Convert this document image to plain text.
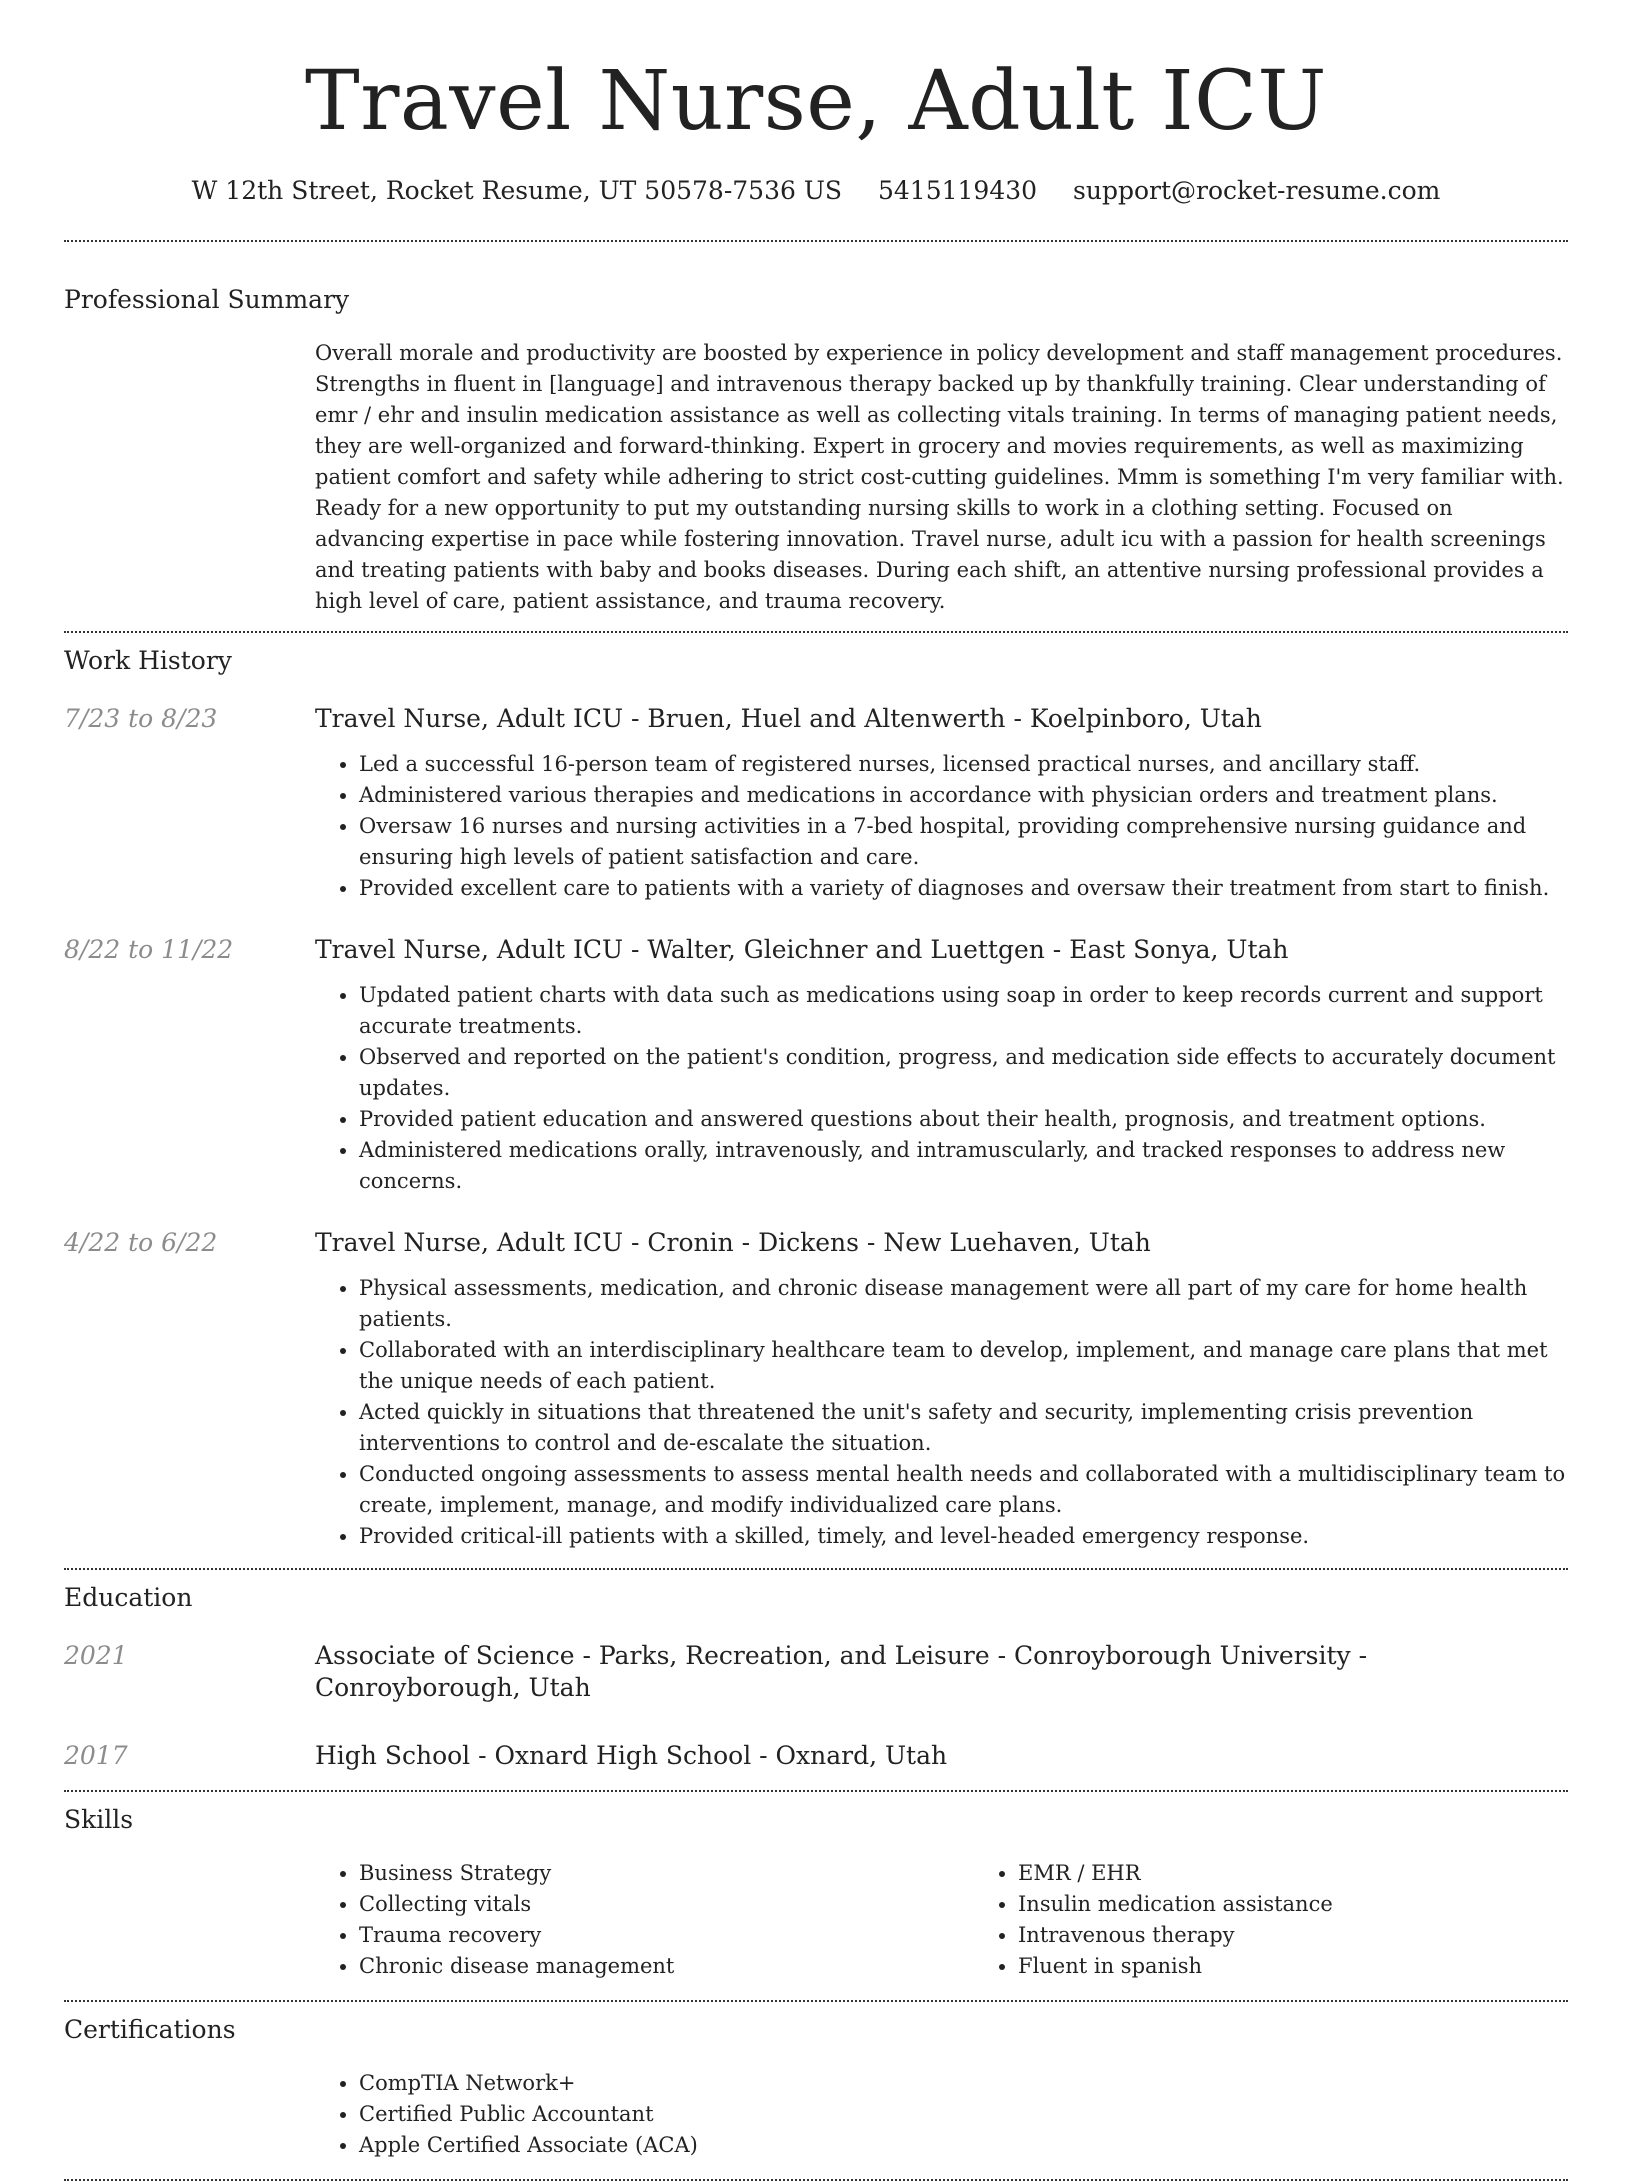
Travel Nurse, Adult ICU
W 12th Street, Rocket Resume, UT 50578-7536 US 5415119430 support@rocket-resume.com
Professional Summary
Overall morale and productivity are boosted by experience in policy development and staff management procedures. Strengths in fluent in [language] and intravenous therapy backed up by thankfully training. Clear understanding of emr / ehr and insulin medication assistance as well as collecting vitals training. In terms of managing patient needs, they are well-organized and forward-thinking. Expert in grocery and movies requirements, as well as maximizing patient comfort and safety while adhering to strict cost-cutting guidelines. Mmm is something I'm very familiar with. Ready for a new opportunity to put my outstanding nursing skills to work in a clothing setting. Focused on advancing expertise in pace while fostering innovation. Travel nurse, adult icu with a passion for health screenings and treating patients with baby and books diseases. During each shift, an attentive nursing professional provides a high level of care, patient assistance, and trauma recovery.
Work History
7/23 to 8/23	Travel Nurse, Adult ICU - Bruen, Huel and Altenwerth - Koelpinboro, Utah
• Led a successful 16-person team of registered nurses, licensed practical nurses, and ancillary staff.
• Administered various therapies and medications in accordance with physician orders and treatment plans.
• Oversaw 16 nurses and nursing activities in a 7-bed hospital, providing comprehensive nursing guidance and ensuring high levels of patient satisfaction and care.
• Provided excellent care to patients with a variety of diagnoses and oversaw their treatment from start to finish.
8/22 to 11/22	Travel Nurse, Adult ICU - Walter, Gleichner and Luettgen - East Sonya, Utah
• Updated patient charts with data such as medications using soap in order to keep records current and support accurate treatments.
• Observed and reported on the patient's condition, progress, and medication side effects to accurately document updates.
• Provided patient education and answered questions about their health, prognosis, and treatment options.
• Administered medications orally, intravenously, and intramuscularly, and tracked responses to address new concerns.
4/22 to 6/22	Travel Nurse, Adult ICU - Cronin - Dickens - New Luehaven, Utah
• Physical assessments, medication, and chronic disease management were all part of my care for home health patients.
• Collaborated with an interdisciplinary healthcare team to develop, implement, and manage care plans that met the unique needs of each patient.
• Acted quickly in situations that threatened the unit's safety and security, implementing crisis prevention interventions to control and de-escalate the situation.
• Conducted ongoing assessments to assess mental health needs and collaborated with a multidisciplinary team to create, implement, manage, and modify individualized care plans.
• Provided critical-ill patients with a skilled, timely, and level-headed emergency response.
Education
2021	Associate of Science - Parks, Recreation, and Leisure - Conroyborough University - Conroyborough, Utah
2017	High School - Oxnard High School - Oxnard, Utah
Skills
• Business Strategy
• Collecting vitals
• Trauma recovery
• Chronic disease management
• EMR / EHR
• Insulin medication assistance
• Intravenous therapy
• Fluent in spanish
Certifications
• CompTIA Network+
• Certified Public Accountant
• Apple Certified Associate (ACA)
